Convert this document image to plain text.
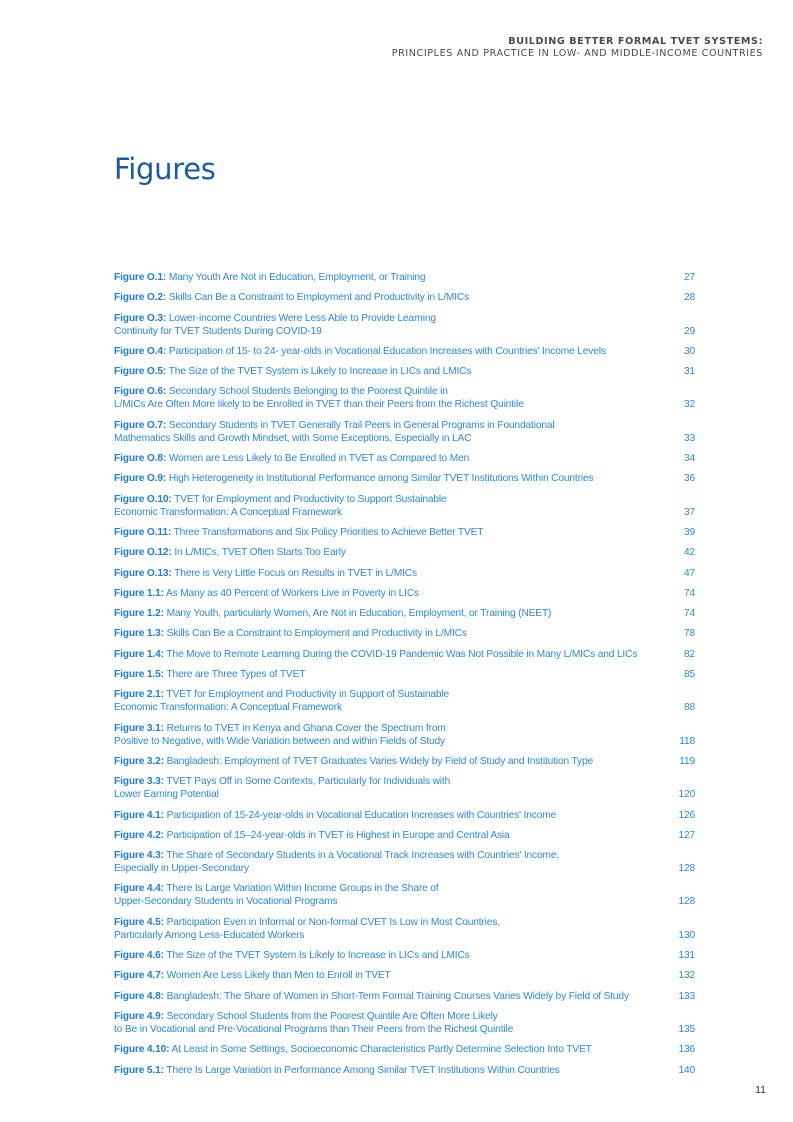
BUILDING BETTER FORMAL TVET SYSTEMS:
PRINCIPLES AND PRACTICE IN LOW- AND MIDDLE-INCOME COUNTRIES
Figures
Figure O.1: Many Youth Are Not in Education, Employment, or Training	27
Figure O.2: Skills Can Be a Constraint to Employment and Productivity in L/MICs	28
Figure O.3: Lower-income Countries Were Less Able to Provide Learning
Continuity for TVET Students During COVID-19	29
Figure O.4: Participation of 15- to 24- year-olds in Vocational Education Increases with Countries' Income Levels	30
Figure O.5: The Size of the TVET System is Likely to Increase in LICs and LMICs	31
Figure O.6: Secondary School Students Belonging to the Poorest Quintile in
L/MICs Are Often More likely to be Enrolled in TVET than their Peers from the Richest Quintile	32
Figure O.7: Secondary Students in TVET Generally Trail Peers in General Programs in Foundational
Mathematics Skills and Growth Mindset, with Some Exceptions, Especially in LAC	33
Figure O.8: Women are Less Likely to Be Enrolled in TVET as Compared to Men	34
Figure O.9: High Heterogeneity in Institutional Performance among Similar TVET Institutions Within Countries	36
Figure O.10: TVET for Employment and Productivity to Support Sustainable
Economic Transformation: A Conceptual Framework	37
Figure O.11: Three Transformations and Six Policy Priorities to Achieve Better TVET	39
Figure O.12: In L/MICs, TVET Often Starts Too Early	42
Figure O.13: There is Very Little Focus on Results in TVET in L/MICs	47
Figure 1.1: As Many as 40 Percent of Workers Live in Poverty in LICs	74
Figure 1.2: Many Youth, particularly Women, Are Not in Education, Employment, or Training (NEET)	74
Figure 1.3: Skills Can Be a Constraint to Employment and Productivity in L/MICs	78
Figure 1.4: The Move to Remote Learning During the COVID-19 Pandemic Was Not Possible in Many L/MICs and LICs	82
Figure 1.5: There are Three Types of TVET	85
Figure 2.1: TVET for Employment and Productivity in Support of Sustainable
Economic Transformation: A Conceptual Framework	88
Figure 3.1: Returns to TVET in Kenya and Ghana Cover the Spectrum from
Positive to Negative, with Wide Variation between and within Fields of Study	118
Figure 3.2: Bangladesh: Employment of TVET Graduates Varies Widely by Field of Study and Institution Type	119
Figure 3.3: TVET Pays Off in Some Contexts, Particularly for Individuals with
Lower Earning Potential	120
Figure 4.1: Participation of 15-24-year-olds in Vocational Education Increases with Countries' Income	126
Figure 4.2: Participation of 15–24-year-olds in TVET is Highest in Europe and Central Asia	127
Figure 4.3: The Share of Secondary Students in a Vocational Track Increases with Countries' Income,
Especially in Upper-Secondary	128
Figure 4.4: There Is Large Variation Within Income Groups in the Share of
Upper-Secondary Students in Vocational Programs	128
Figure 4.5: Participation Even in Informal or Non-formal CVET Is Low in Most Countries,
Particularly Among Less-Educated Workers	130
Figure 4.6: The Size of the TVET System Is Likely to Increase in LICs and LMICs	131
Figure 4.7: Women Are Less Likely than Men to Enroll in TVET	132
Figure 4.8: Bangladesh: The Share of Women in Short-Term Formal Training Courses Varies Widely by Field of Study	133
Figure 4.9: Secondary School Students from the Poorest Quintile Are Often More Likely
to Be in Vocational and Pre-Vocational Programs than Their Peers from the Richest Quintile	135
Figure 4.10: At Least in Some Settings, Socioeconomic Characteristics Partly Determine Selection Into TVET	136
Figure 5.1: There Is Large Variation in Performance Among Similar TVET Institutions Within Countries	140
11
